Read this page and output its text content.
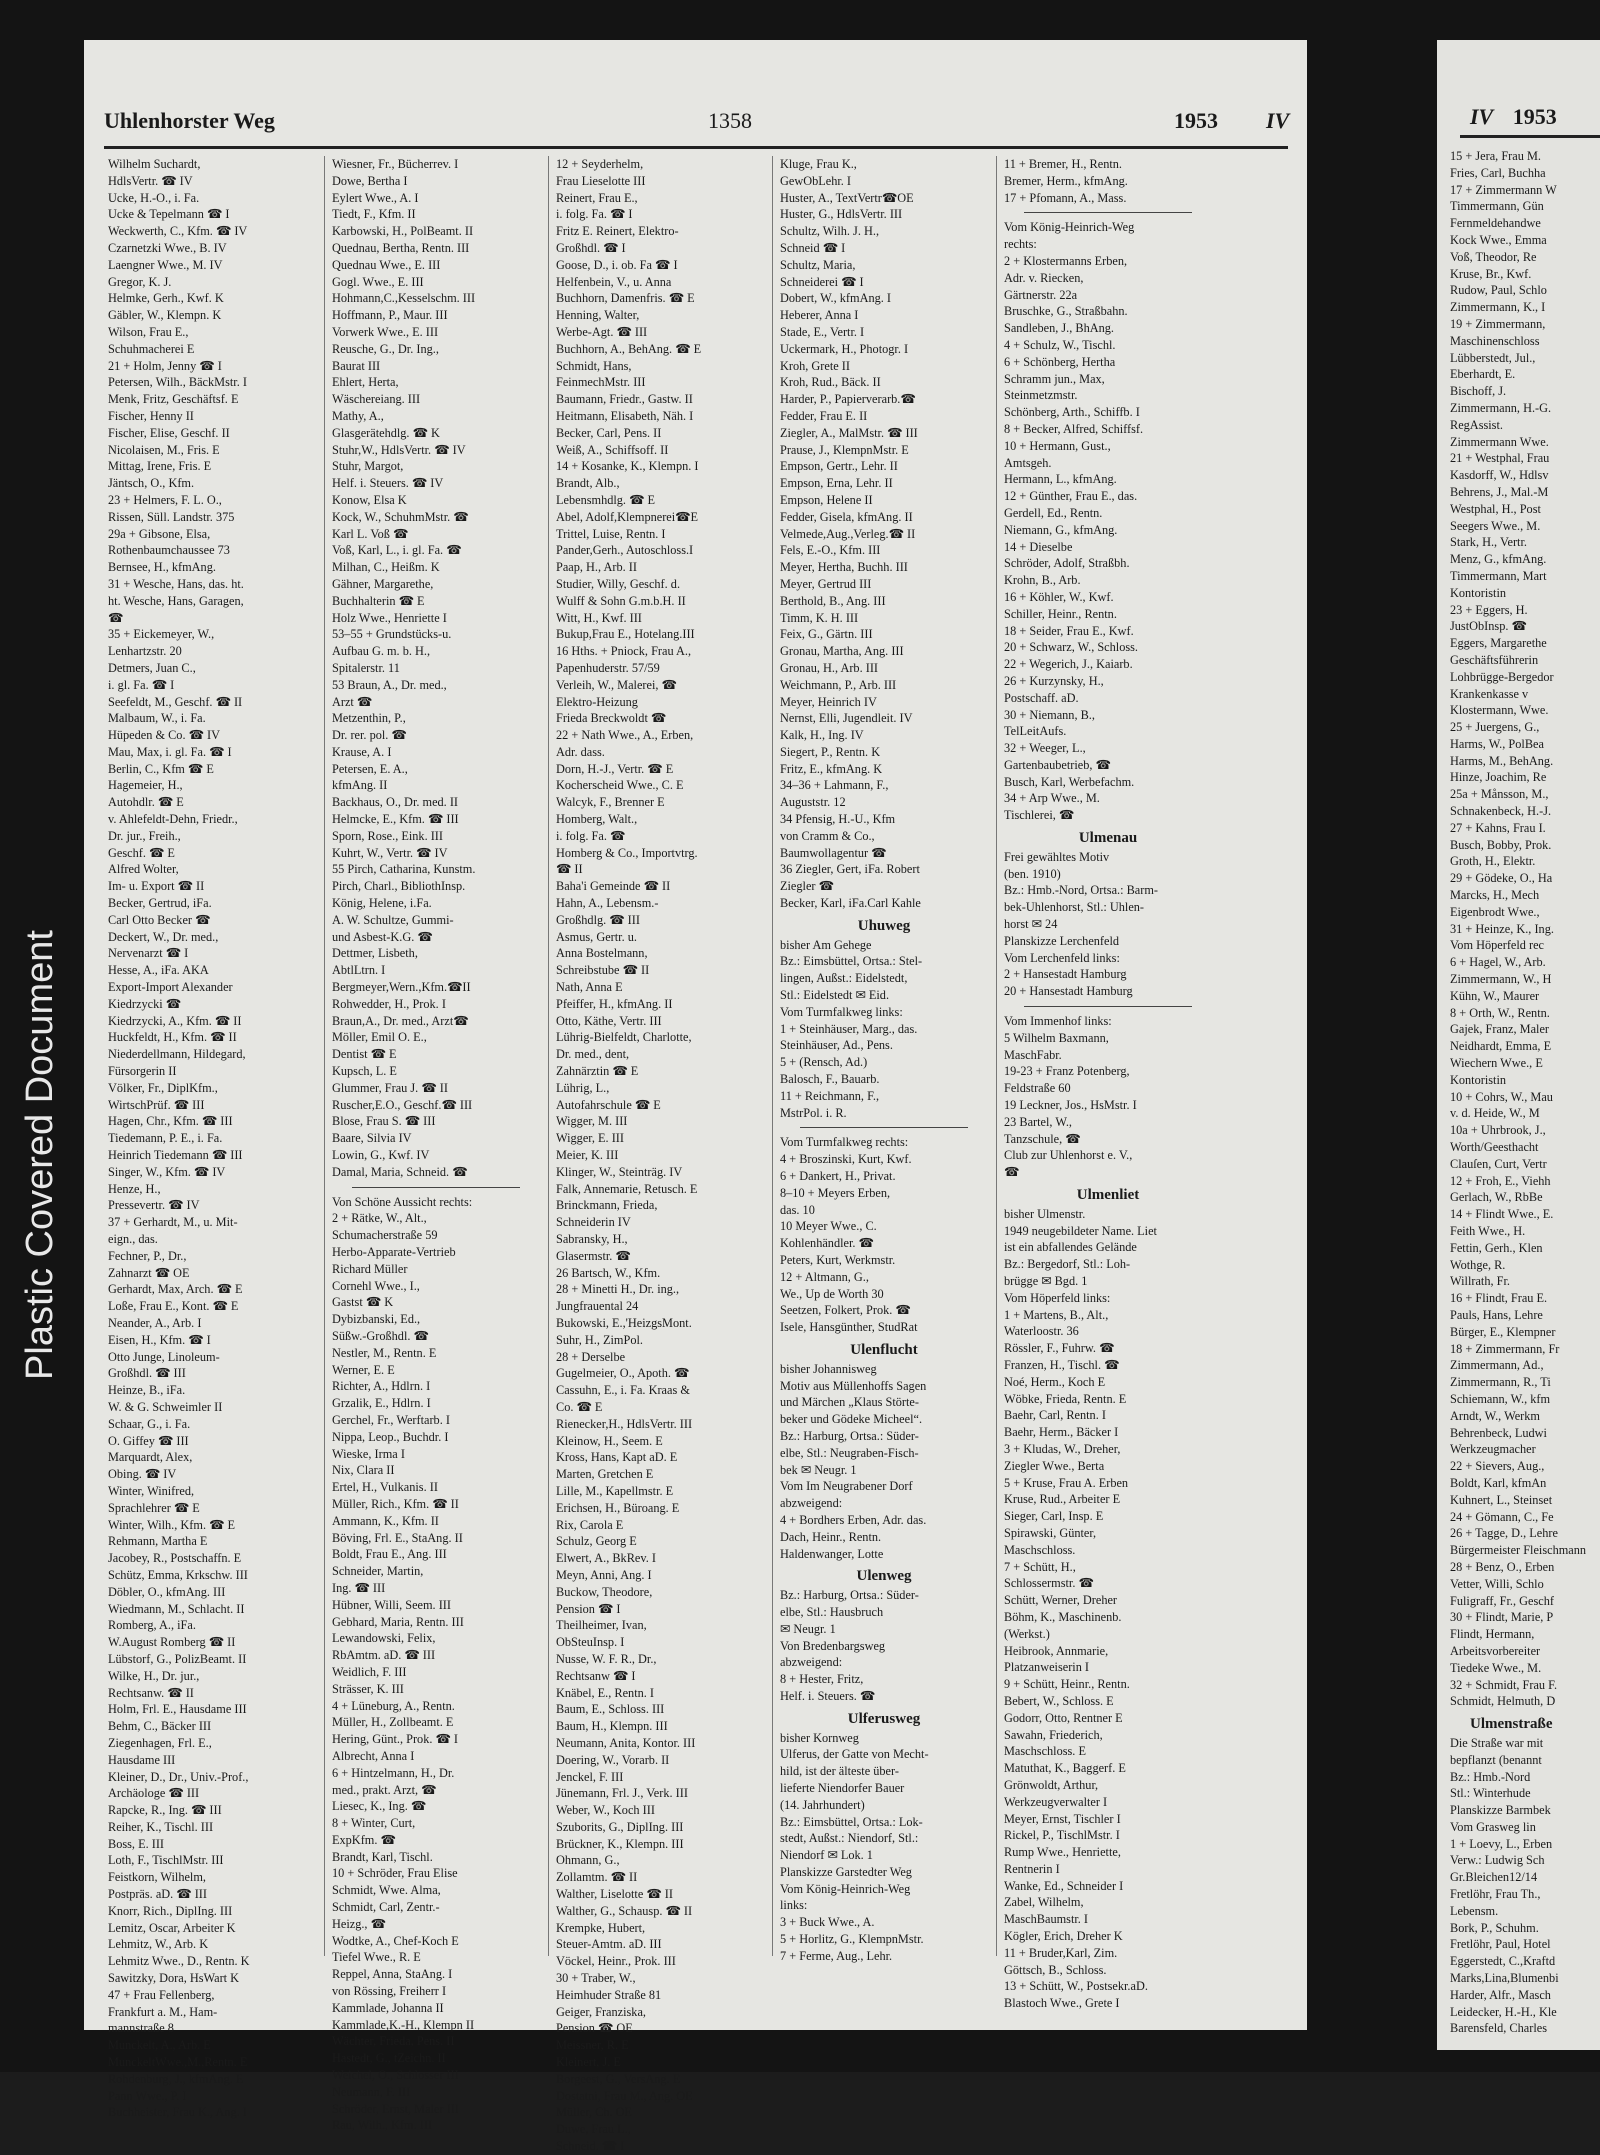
Plastic Covered Document
Uhlenhorster Weg	1358	1953 IV	IV 1953
Wilhelm Suchardt,
HdlsVertr. ☎ IV
Ucke, H.-O., i. Fa.
Ucke & Tepelmann ☎ I
Weckwerth, C., Kfm. ☎ IV
Czarnetzki Wwe., B. IV
Laengner Wwe., M. IV
Gregor, K. J.
Helmke, Gerh., Kwf. K
Gäbler, W., Klempn. K
Wilson, Frau E.,
Schuhmacherei E
21 + Holm, Jenny ☎ I
Petersen, Wilh., BäckMstr. I
Menk, Fritz, Geschäftsf. E
Fischer, Henny II
Fischer, Elise, Geschf. II
Nicolaisen, M., Fris. E
Mittag, Irene, Fris. E
Jäntsch, O., Kfm.
23 + Helmers, F. L. O.,
Rissen, Süll. Landstr. 375
29a + Gibsone, Elsa,
Rothenbaumchaussee 73
Bernsee, H., kfmAng.
31 + Wesche, Hans, das. ht.
ht. Wesche, Hans, Garagen,
☎
35 + Eickemeyer, W.,
Lenhartzstr. 20
Detmers, Juan C.,
i. gl. Fa. ☎ I
Seefeldt, M., Geschf. ☎ II
Malbaum, W., i. Fa.
Hüpeden & Co. ☎ IV
Mau, Max, i. gl. Fa. ☎ I
Berlin, C., Kfm ☎ E
Hagemeier, H.,
Autohdlr. ☎ E
v. Ahlefeldt-Dehn, Friedr.,
Dr. jur., Freih.,
Geschf. ☎ E
Alfred Wolter,
Im- u. Export ☎ II
Becker, Gertrud, iFa.
Carl Otto Becker ☎
Deckert, W., Dr. med.,
Nervenarzt ☎ I
Hesse, A., iFa. AKA
Export-Import Alexander
Kiedrzycki ☎
Kiedrzycki, A., Kfm. ☎ II
Huckfeldt, H., Kfm. ☎ II
Niederdellmann, Hildegard,
Fürsorgerin II
Völker, Fr., DiplKfm.,
WirtschPrüf. ☎ III
Hagen, Chr., Kfm. ☎ III
Tiedemann, P. E., i. Fa.
Heinrich Tiedemann ☎ III
Singer, W., Kfm. ☎ IV
Henze, H.,
Pressevertr. ☎ IV
37 + Gerhardt, M., u. Mit-
eign., das.
Fechner, P., Dr.,
Zahnarzt ☎ OE
Gerhardt, Max, Arch. ☎ E
Loße, Frau E., Kont. ☎ E
Neander, A., Arb. I
Eisen, H., Kfm. ☎ I
Otto Junge, Linoleum-
Großhdl. ☎ III
Heinze, B., iFa.
W. & G. Schweimler II
Schaar, G., i. Fa.
O. Giffey ☎ III
Marquardt, Alex,
Obing. ☎ IV
Winter, Winifred,
Sprachlehrer ☎ E
Winter, Wilh., Kfm. ☎ E
Rehmann, Martha E
Jacobey, R., Postschaffn. E
Schütz, Emma, Krkschw. III
Döbler, O., kfmAng. III
Wiedmann, M., Schlacht. II
Romberg, A., iFa.
W.August Romberg ☎ II
Lübstorf, G., PolizBeamt. II
Wilke, H., Dr. jur.,
Rechtsanw. ☎ II
Holm, Frl. E., Hausdame III
Behm, C., Bäcker III
Ziegenhagen, Frl. E.,
Hausdame III
Kleiner, D., Dr., Univ.-Prof.,
Archäologe ☎ III
Rapcke, R., Ing. ☎ III
Reiher, K., Tischl. III
Boss, E. III
Loth, F., TischlMstr. III
Feistkorn, Wilhelm,
Postpräs. aD. ☎ III
Knorr, Rich., DiplIng. III
Lemitz, Oscar, Arbeiter K
Lehmitz, W., Arb. K
Lehmitz Wwe., D., Rentn. K
Sawitzky, Dora, HsWart K
47 + Frau Fellenberg,
Frankfurt a. M., Ham-
mannstraße 8
Munckelt, A., Arb. E
MunckeltWwe.,M.,Rentn. E
Rohdenburg, J., kfmAng. E
Pann Wwe., P. I
Buchheister, Frau K., Ang. I
Wiesner, Fr., Bücherrev. I
Dowe, Bertha I
Eylert Wwe., A. I
Tiedt, F., Kfm. II
Karbowski, H., PolBeamt. II
Quednau, Bertha, Rentn. III
Quednau Wwe., E. III
Gogl. Wwe., E. III
Hohmann,C.,Kesselschm. III
Hoffmann, P., Maur. III
Vorwerk Wwe., E. III
Reusche, G., Dr. Ing.,
Baurat III
Ehlert, Herta,
Wäschereiang. III
Mathy, A.,
Glasgerätehdlg. ☎ K
Stuhr,W., HdlsVertr. ☎ IV
Stuhr, Margot,
Helf. i. Steuers. ☎ IV
Konow, Elsa K
Kock, W., SchuhmMstr. ☎
Karl L. Voß ☎
Voß, Karl, L., i. gl. Fa. ☎
Milhan, C., Heißm. K
Gähner, Margarethe,
Buchhalterin ☎ E
Holz Wwe., Henriette I
53–55 + Grundstücks-u.
Aufbau G. m. b. H.,
Spitalerstr. 11
53 Braun, A., Dr. med.,
Arzt ☎
Metzenthin, P.,
Dr. rer. pol. ☎
Krause, A. I
Petersen, E. A.,
kfmAng. II
Backhaus, O., Dr. med. II
Helmcke, E., Kfm. ☎ III
Sporn, Rose., Eink. III
Kuhrt, W., Vertr. ☎ IV
55 Pirch, Catharina, Kunstm.
Pirch, Charl., BibliothInsp.
König, Helene, i.Fa.
A. W. Schultze, Gummi-
und Asbest-K.G. ☎
Dettmer, Lisbeth,
AbtlLtrn. I
Bergmeyer,Wern.,Kfm.☎II
Rohwedder, H., Prok. I
Braun,A., Dr. med., Arzt☎
Möller, Emil O. E.,
Dentist ☎ E
Kupsch, L. E
Glummer, Frau J. ☎ II
Ruscher,E.O., Geschf.☎ III
Blose, Frau S. ☎ III
Baare, Silvia IV
Lowin, G., Kwf. IV
Damal, Maria, Schneid. ☎
Von Schöne Aussicht rechts:
2 + Rätke, W., Alt.,
Schumacherstraße 59
Herbo-Apparate-Vertrieb
Richard Müller
Cornehl Wwe., I.,
Gastst ☎ K
Dybizbanski, Ed.,
Süßw.-Großhdl. ☎
Nestler, M., Rentn. E
Werner, E. E
Richter, A., Hdlrn. I
Grzalik, E., Hdlrn. I
Gerchel, Fr., Werftarb. I
Nippa, Leop., Buchdr. I
Wieske, Irma I
Nix, Clara II
Ertel, H., Vulkanis. II
Müller, Rich., Kfm. ☎ II
Ammann, K., Kfm. II
Böving, Frl. E., StaAng. II
Boldt, Frau E., Ang. III
Schneider, Martin,
Ing. ☎ III
Hübner, Willi, Seem. III
Gebhard, Maria, Rentn. III
Lewandowski, Felix,
RbAmtm. aD. ☎ III
Weidlich, F. III
Strässer, K. III
4 + Lüneburg, A., Rentn.
Müller, H., Zollbeamt. E
Hering, Günt., Prok. ☎ I
Albrecht, Anna I
6 + Hintzelmann, H., Dr.
med., prakt. Arzt, ☎
Liesec, K., Ing. ☎
8 + Winter, Curt,
ExpKfm. ☎
Brandt, Karl, Tischl.
10 + Schröder, Frau Elise
Schmidt, Wwe. Alma,
Schmidt, Carl, Zentr.-
Heizg., ☎
Wodtke, A., Chef-Koch E
Tiefel Wwe., R. E
Reppel, Anna, StaAng. I
von Rössing, Freiherr I
Kammlade, Johanna II
Kammlade,K.-H., Klempn II
Wächter, Frieda, Pens. II
Hastedt, G., tZeichn. II
Weichel, O., Schlosser III
Neumann, F. III
Schröder, Ernst, Maler III
Rau, Wilh., Kfm. III
12 + Seyderhelm,
Frau Lieselotte III
Reinert, Frau E.,
i. folg. Fa. ☎ I
Fritz E. Reinert, Elektro-
Großhdl. ☎ I
Goose, D., i. ob. Fa ☎ I
Helfenbein, V., u. Anna
Buchhorn, Damenfris. ☎ E
Henning, Walter,
Werbe-Agt. ☎ III
Buchhorn, A., BehAng. ☎ E
Schmidt, Hans,
FeinmechMstr. III
Baumann, Friedr., Gastw. II
Heitmann, Elisabeth, Näh. I
Becker, Carl, Pens. II
Weiß, A., Schiffsoff. II
14 + Kosanke, K., Klempn. I
Brandt, Alb.,
Lebensmhdlg. ☎ E
Abel, Adolf,Klempnerei☎E
Trittel, Luise, Rentn. I
Pander,Gerh., Autoschloss.I
Paap, H., Arb. II
Studier, Willy, Geschf. d.
Wulff & Sohn G.m.b.H. II
Witt, H., Kwf. III
Bukup,Frau E., Hotelang.III
16 Hths. + Pniock, Frau A.,
Papenhuderstr. 57/59
Verleih, W., Malerei, ☎
Elektro-Heizung
Frieda Breckwoldt ☎
22 + Nath Wwe., A., Erben,
Adr. dass.
Dorn, H.-J., Vertr. ☎ E
Kocherscheid Wwe., C. E
Walcyk, F., Brenner E
Homberg, Walt.,
i. folg. Fa. ☎
Homberg & Co., Importvtrg.
☎ II
Baha'i Gemeinde ☎ II
Hahn, A., Lebensm.-
Großhdlg. ☎ III
Asmus, Gertr. u.
Anna Bostelmann,
Schreibstube ☎ II
Nath, Anna E
Pfeiffer, H., kfmAng. II
Otto, Käthe, Vertr. III
Lührig-Bielfeldt, Charlotte,
Dr. med., dent,
Zahnärztin ☎ E
Lührig, L.,
Autofahrschule ☎ E
Wigger, M. III
Wigger, E. III
Meier, K. III
Klinger, W., Steinträg. IV
Falk, Annemarie, Retusch. E
Brinckmann, Frieda,
Schneiderin IV
Sabransky, H.,
Glasermstr. ☎
26 Bartsch, W., Kfm.
28 + Minetti H., Dr. ing.,
Jungfrauental 24
Bukowski, E.,'HeizgsMont.
Suhr, H., ZimPol.
28 + Derselbe
Gugelmeier, O., Apoth. ☎
Cassuhn, E., i. Fa. Kraas &
Co. ☎ E
Rienecker,H., HdlsVertr. III
Kleinow, H., Seem. E
Kross, Hans, Kapt aD. E
Marten, Gretchen E
Lille, M., Kapellmstr. E
Erichsen, H., Büroang. E
Rix, Carola E
Schulz, Georg E
Elwert, A., BkRev. I
Meyn, Anni, Ang. I
Buckow, Theodore,
Pension ☎ I
Theilheimer, Ivan,
ObSteuInsp. I
Nusse, W. F. R., Dr.,
Rechtsanw ☎ I
Knäbel, E., Rentn. I
Baum, E., Schloss. III
Baum, H., Klempn. III
Neumann, Anita, Kontor. III
Doering, W., Vorarb. II
Jenckel, F. III
Jünemann, Frl. J., Verk. III
Weber, W., Koch III
Szuborits, G., DiplIng. III
Brückner, K., Klempn. III
Ohmann, G.,
Zollamtm. ☎ II
Walther, Liselotte ☎ II
Walther, G., Schausp. ☎ II
Krempke, Hubert,
Steuer-Amtm. aD. III
Vöckel, Heinr., Prok. III
30 + Traber, W.,
Heimhuder Straße 81
Geiger, Franziska,
Pension ☎ OE
Meissner, R. E
Kleinert, J. E
Borgeest, G., VersAng. E
Dostatni, Frau M., Ang. OE
Müller, Ch. OE
Duwe, Frau L.,
Schneid. ☎ I
Kluge, Frau K.,
GewObLehr. I
Huster, A., TextVertr☎OE
Huster, G., HdlsVertr. III
Schultz, Wilh. J. H.,
Schneid ☎ I
Schultz, Maria,
Schneiderei ☎ I
Dobert, W., kfmAng. I
Heberer, Anna I
Stade, E., Vertr. I
Uckermark, H., Photogr. I
Kroh, Grete II
Kroh, Rud., Bäck. II
Harder, P., Papierverarb.☎
Fedder, Frau E. II
Ziegler, A., MalMstr. ☎ III
Prause, J., KlempnMstr. E
Empson, Gertr., Lehr. II
Empson, Erna, Lehr. II
Empson, Helene II
Fedder, Gisela, kfmAng. II
Velmede,Aug.,Verleg.☎ II
Fels, E.-O., Kfm. III
Meyer, Hertha, Buchh. III
Meyer, Gertrud III
Berthold, B., Ang. III
Timm, K. H. III
Feix, G., Gärtn. III
Gronau, Martha, Ang. III
Gronau, H., Arb. III
Weichmann, P., Arb. III
Meyer, Heinrich IV
Nernst, Elli, Jugendleit. IV
Kalk, H., Ing. IV
Siegert, P., Rentn. K
Fritz, E., kfmAng. K
34–36 + Lahmann, F.,
Auguststr. 12
34 Pfensig, H.-U., Kfm
von Cramm & Co.,
Baumwollagentur ☎
36 Ziegler, Gert, iFa. Robert
Ziegler ☎
Becker, Karl, iFa.Carl Kahle
Uhuweg
bisher Am Gehege
Bz.: Eimsbüttel, Ortsa.: Stel-
lingen, Außst.: Eidelstedt,
Stl.: Eidelstedt ✉ Eid.
Vom Turmfalkweg links:
1 + Steinhäuser, Marg., das.
Steinhäuser, Ad., Pens.
5 + (Rensch, Ad.)
Balosch, F., Bauarb.
11 + Reichmann, F.,
MstrPol. i. R.
Vom Turmfalkweg rechts:
4 + Broszinski, Kurt, Kwf.
6 + Dankert, H., Privat.
8–10 + Meyers Erben,
das. 10
10 Meyer Wwe., C.
Kohlenhändler. ☎
Peters, Kurt, Werkmstr.
12 + Altmann, G.,
We., Up de Worth 30
Seetzen, Folkert, Prok. ☎
Isele, Hansgünther, StudRat
Ulenflucht
bisher Johannisweg
Motiv aus Müllenhoffs Sagen
und Märchen „Klaus Störte-
beker und Gödeke Micheel“.
Bz.: Harburg, Ortsa.: Süder-
elbe, Stl.: Neugraben-Fisch-
bek ✉ Neugr. 1
Vom Im Neugrabener Dorf
abzweigend:
4 + Bordhers Erben, Adr. das.
Dach, Heinr., Rentn.
Haldenwanger, Lotte
Ulenweg
Bz.: Harburg, Ortsa.: Süder-
elbe, Stl.: Hausbruch
✉ Neugr. 1
Von Bredenbargsweg
abzweigend:
8 + Hester, Fritz,
Helf. i. Steuers. ☎
Ulferusweg
bisher Kornweg
Ulferus, der Gatte von Mecht-
hild, ist der älteste über-
lieferte Niendorfer Bauer
(14. Jahrhundert)
Bz.: Eimsbüttel, Ortsa.: Lok-
stedt, Außst.: Niendorf, Stl.:
Niendorf ✉ Lok. 1
Planskizze Garstedter Weg
Vom König-Heinrich-Weg
links:
3 + Buck Wwe., A.
5 + Horlitz, G., KlempnMstr.
7 + Ferme, Aug., Lehr.
11 + Bremer, H., Rentn.
Bremer, Herm., kfmAng.
17 + Pfomann, A., Mass.
Vom König-Heinrich-Weg
rechts:
2 + Klostermanns Erben,
Adr. v. Riecken,
Gärtnerstr. 22a
Bruschke, G., Straßbahn.
Sandleben, J., BhAng.
4 + Schulz, W., Tischl.
6 + Schönberg, Hertha
Schramm jun., Max,
Steinmetzmstr.
Schönberg, Arth., Schiffb. I
8 + Becker, Alfred, Schiffsf.
10 + Hermann, Gust.,
Amtsgeh.
Hermann, L., kfmAng.
12 + Günther, Frau E., das.
Gerdell, Ed., Rentn.
Niemann, G., kfmAng.
14 + Dieselbe
Schröder, Adolf, Straßbh.
Krohn, B., Arb.
16 + Köhler, W., Kwf.
Schiller, Heinr., Rentn.
18 + Seider, Frau E., Kwf.
20 + Schwarz, W., Schloss.
22 + Wegerich, J., Kaiarb.
26 + Kurzynsky, H.,
Postschaff. aD.
30 + Niemann, B.,
TelLeitAufs.
32 + Weeger, L.,
Gartenbaubetrieb, ☎
Busch, Karl, Werbefachm.
34 + Arp Wwe., M.
Tischlerei, ☎
Ulmenau
Frei gewähltes Motiv
(ben. 1910)
Bz.: Hmb.-Nord, Ortsa.: Barm-
bek-Uhlenhorst, Stl.: Uhlen-
horst ✉ 24
Planskizze Lerchenfeld
Vom Lerchenfeld links:
2 + Hansestadt Hamburg
20 + Hansestadt Hamburg
Vom Immenhof links:
5 Wilhelm Baxmann,
MaschFabr.
19-23 + Franz Potenberg,
Feldstraße 60
19 Leckner, Jos., HsMstr. I
23 Bartel, W.,
Tanzschule, ☎
Club zur Uhlenhorst e. V.,
☎
Ulmenliet
bisher Ulmenstr.
1949 neugebildeter Name. Liet
ist ein abfallendes Gelände
Bz.: Bergedorf, Stl.: Loh-
brügge ✉ Bgd. 1
Vom Höperfeld links:
1 + Martens, B., Alt.,
Waterloostr. 36
Rössler, F., Fuhrw. ☎
Franzen, H., Tischl. ☎
Noé, Herm., Koch E
Wöbke, Frieda, Rentn. E
Baehr, Carl, Rentn. I
Baehr, Herm., Bäcker I
3 + Kludas, W., Dreher,
Ziegler Wwe., Berta
5 + Kruse, Frau A. Erben
Kruse, Rud., Arbeiter E
Sieger, Carl, Insp. E
Spirawski, Günter,
Maschschloss.
7 + Schütt, H.,
Schlossermstr. ☎
Schütt, Werner, Dreher
Böhm, K., Maschinenb.
(Werkst.)
Heibrook, Annmarie,
Platzanweiserin I
9 + Schütt, Heinr., Rentn.
Bebert, W., Schloss. E
Godorr, Otto, Rentner E
Sawahn, Friederich,
Maschschloss. E
Matuthat, K., Baggerf. E
Grönwoldt, Arthur,
Werkzeugverwalter I
Meyer, Ernst, Tischler I
Rickel, P., TischlMstr. I
Rump Wwe., Henriette,
Rentnerin I
Wanke, Ed., Schneider I
Zabel, Wilhelm,
MaschBaumstr. I
Kögler, Erich, Dreher K
11 + Bruder,Karl, Zim.
Göttsch, B., Schloss.
13 + Schütt, W., Postsekr.aD.
Blastoch Wwe., Grete I
15 + Jera, Frau M.
Fries, Carl, Buchha
17 + Zimmermann W
Timmermann, Gün
Fernmeldehandwe
Kock Wwe., Emma
Voß, Theodor, Re
Kruse, Br., Kwf.
Rudow, Paul, Schlo
Zimmermann, K., I
19 + Zimmermann,
Maschinenschloss
Lübberstedt, Jul.,
Eberhardt, E.
Bischoff, J.
Zimmermann, H.-G.
RegAssist.
Zimmermann Wwe.
21 + Westphal, Frau
Kasdorff, W., Hdlsv
Behrens, J., Mal.-M
Westphal, H., Post
Seegers Wwe., M.
Stark, H., Vertr.
Menz, G., kfmAng.
Timmermann, Mart
Kontoristin
23 + Eggers, H.
JustObInsp. ☎
Eggers, Margarethe
Geschäftsführerin
Lohbrügge-Bergedor
Krankenkasse v
Klostermann, Wwe.
25 + Juergens, G.,
Harms, W., PolBea
Harms, M., BehAng.
Hinze, Joachim, Re
25a + Månsson, M.,
Schnakenbeck, H.-J.
27 + Kahns, Frau I.
Busch, Bobby, Prok.
Groth, H., Elektr.
29 + Gödeke, O., Ha
Marcks, H., Mech
Eigenbrodt Wwe.,
31 + Heinze, K., Ing.
Vom Höperfeld rec
6 + Hagel, W., Arb.
Zimmermann, W., H
Kühn, W., Maurer
8 + Orth, W., Rentn.
Gajek, Franz, Maler
Neidhardt, Emma, E
Wiechern Wwe., E
Kontoristin
10 + Cohrs, W., Mau
v. d. Heide, W., M
10a + Uhrbrook, J.,
Worth/Geesthacht
Clauſen, Curt, Vertr
12 + Froh, E., Viehh
Gerlach, W., RbBe
14 + Flindt Wwe., E.
Feith Wwe., H.
Fettin, Gerh., Klen
Wothge, R.
Willrath, Fr.
16 + Flindt, Frau E.
Pauls, Hans, Lehre
Bürger, E., Klempner
18 + Zimmermann, Fr
Zimmermann, Ad.,
Zimmermann, R., Ti
Schiemann, W., kfm
Arndt, W., Werkm
Behrenbeck, Ludwi
Werkzeugmacher
22 + Sievers, Aug.,
Boldt, Karl, kfmAn
Kuhnert, L., Steinset
24 + Gömann, C., Fe
26 + Tagge, D., Lehre
Bürgermeister Fleischmann
28 + Benz, O., Erben
Vetter, Willi, Schlo
Fuligraff, Fr., Geschf
30 + Flindt, Marie, P
Flindt, Hermann,
Arbeitsvorbereiter
Tiedeke Wwe., M.
32 + Schmidt, Frau F.
Schmidt, Helmuth, D
Ulmenstraße
Die Straße war mit
bepflanzt (benannt
Bz.: Hmb.-Nord
Stl.: Winterhude
Planskizze Barmbek
Vom Grasweg lin
1 + Loevy, L., Erben
Verw.: Ludwig Sch
Gr.Bleichen12/14
Fretlöhr, Frau Th.,
Lebensm.
Bork, P., Schuhm.
Fretlöhr, Paul, Hotel
Eggerstedt, C.,Kraftd
Marks,Lina,Blumenbi
Harder, Alfr., Masch
Leidecker, H.-H., Kle
Barensfeld, Charles
